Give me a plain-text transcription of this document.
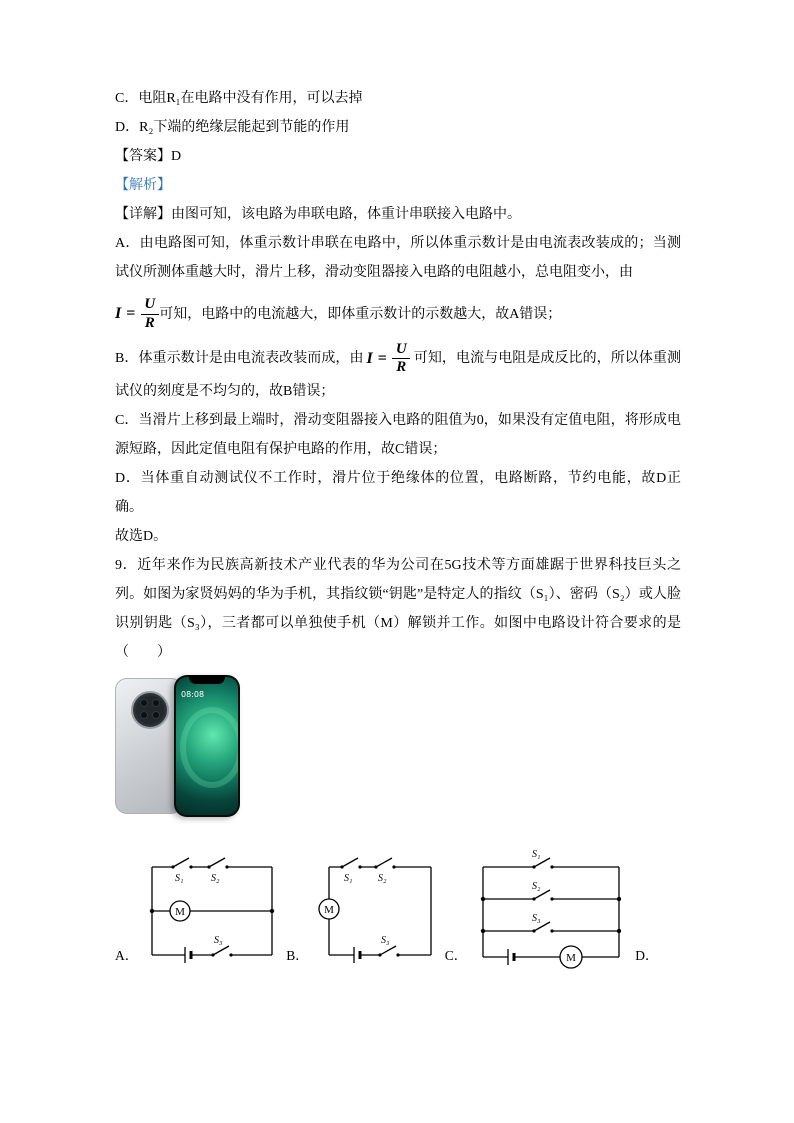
C．电阻R₁在电路中没有作用，可以去掉

D．R₂下端的绝缘层能起到节能的作用

【答案】D

【解析】

【详解】由图可知，该电路为串联电路，体重计串联接入电路中。

A．由电路图可知，体重示数计串联在电路中，所以体重示数计是由电流表改装成的；当测试仪所测体重越大时，滑片上移，滑动变阻器接入电路的电阻越小，总电阻变小，由

$I = \frac{U}{R}$ 可知，电路中的电流越大，即体重示数计的示数越大，故A错误；

B．体重示数计是由电流表改装而成，由 $I = \frac{U}{R}$ 可知，电流与电阻是成反比的，所以体重测试仪的刻度是不均匀的，故B错误；

C．当滑片上移到最上端时，滑动变阻器接入电路的阻值为0，如果没有定值电阻，将形成电源短路，因此定值电阻有保护电路的作用，故C错误；

D．当体重自动测试仪不工作时，滑片位于绝缘体的位置，电路断路，节约电能，故D正确。

故选D。

9．近年来作为民族高新技术产业代表的华为公司在5G技术等方面雄踞于世界科技巨头之列。如图为家贤妈妈的华为手机，其指纹锁“钥匙”是特定人的指纹（S₁）、密码（S₂）或人脸识别钥匙（S₃），三者都可以单独使手机（M）解锁并工作。如图中电路设计符合要求的是（　　）

08:08
A．
S₁	S₂
S₃
M
B．
S₁	S₂
S₃
M
C．
S₁
S₂
S₃
M	D．
